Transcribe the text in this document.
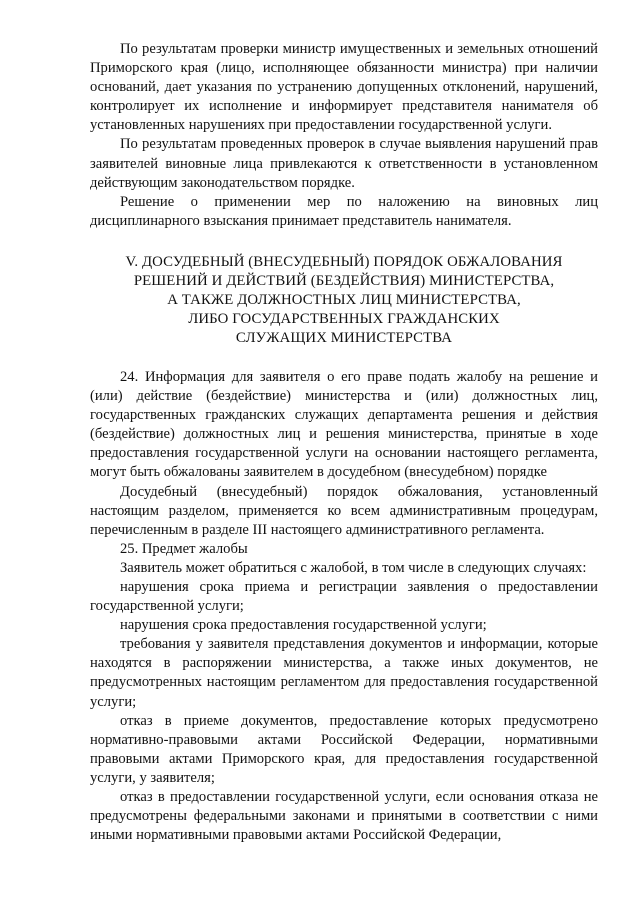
По результатам проверки министр имущественных и земельных отношений Приморского края (лицо, исполняющее обязанности министра) при наличии оснований, дает указания по устранению допущенных отклонений, нарушений, контролирует их исполнение и информирует представителя нанимателя об установленных нарушениях при предоставлении государственной услуги.

По результатам проведенных проверок в случае выявления нарушений прав заявителей виновные лица привлекаются к ответственности в установленном действующим законодательством порядке.

Решение о применении мер по наложению на виновных лиц дисциплинарного взыскания принимает представитель нанимателя.

V. ДОСУДЕБНЫЙ (ВНЕСУДЕБНЫЙ) ПОРЯДОК ОБЖАЛОВАНИЯ
РЕШЕНИЙ И ДЕЙСТВИЙ (БЕЗДЕЙСТВИЯ) МИНИСТЕРСТВА,
А ТАКЖЕ ДОЛЖНОСТНЫХ ЛИЦ МИНИСТЕРСТВА,
ЛИБО ГОСУДАРСТВЕННЫХ ГРАЖДАНСКИХ
СЛУЖАЩИХ МИНИСТЕРСТВА

24. Информация для заявителя о его праве подать жалобу на решение и (или) действие (бездействие) министерства и (или) должностных лиц, государственных гражданских служащих департамента решения и действия (бездействие) должностных лиц и решения министерства, принятые в ходе предоставления государственной услуги на основании настоящего регламента, могут быть обжалованы заявителем в досудебном (внесудебном) порядке

Досудебный (внесудебный) порядок обжалования, установленный настоящим разделом, применяется ко всем административным процедурам, перечисленным в разделе III настоящего административного регламента.

25. Предмет жалобы

Заявитель может обратиться с жалобой, в том числе в следующих случаях:

нарушения срока приема и регистрации заявления о предоставлении государственной услуги;

нарушения срока предоставления государственной услуги;

требования у заявителя представления документов и информации, которые находятся в распоряжении министерства, а также иных документов, не предусмотренных настоящим регламентом для предоставления государственной услуги;

отказ в приеме документов, предоставление которых предусмотрено нормативно-правовыми актами Российской Федерации, нормативными правовыми актами Приморского края, для предоставления государственной услуги, у заявителя;

отказ в предоставлении государственной услуги, если основания отказа не предусмотрены федеральными законами и принятыми в соответствии с ними иными нормативными правовыми актами Российской Федерации,
